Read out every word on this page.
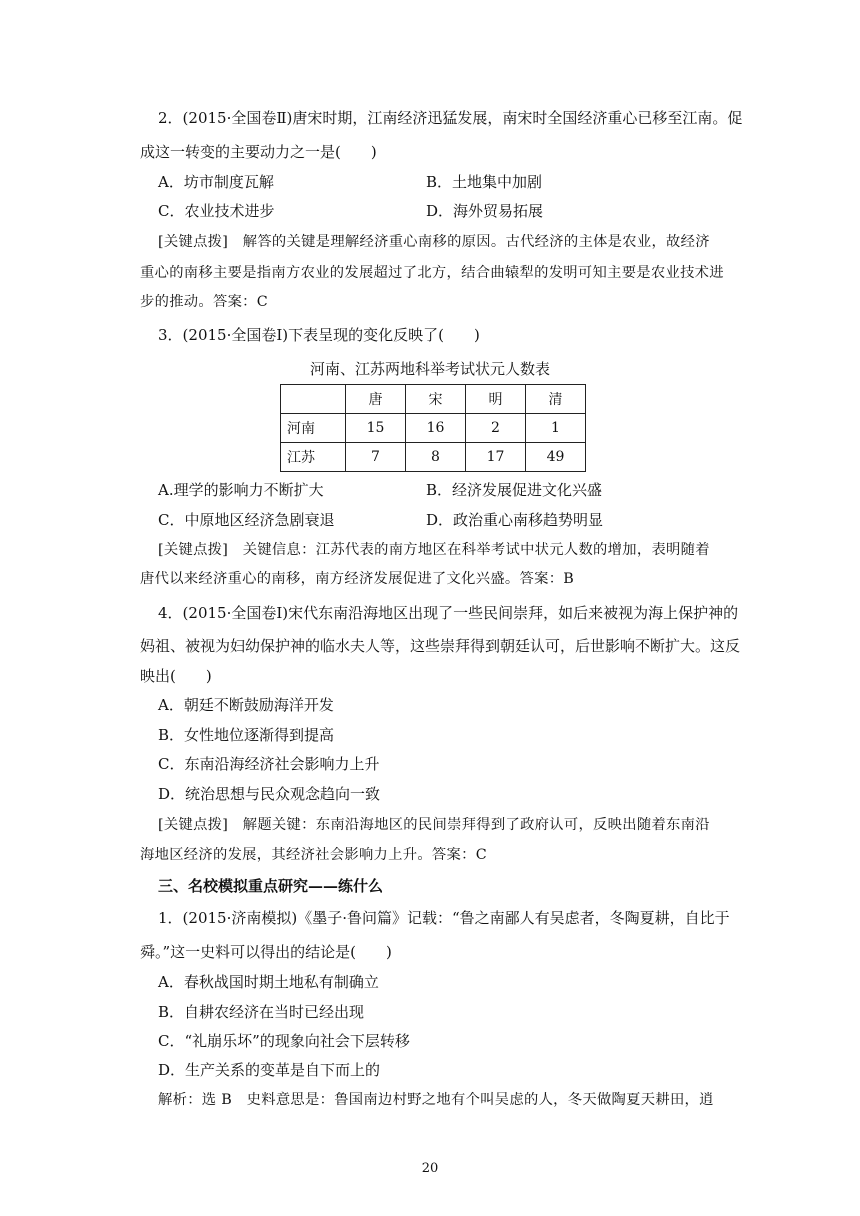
2．(2015·全国卷Ⅱ)唐宋时期，江南经济迅猛发展，南宋时全国经济重心已移至江南。促
成这一转变的主要动力之一是(　　)
A．坊市制度瓦解	B．土地集中加剧
C．农业技术进步	D．海外贸易拓展
[关键点拨]　解答的关键是理解经济重心南移的原因。古代经济的主体是农业，故经济
重心的南移主要是指南方农业的发展超过了北方，结合曲辕犁的发明可知主要是农业技术进
步的推动。答案：C
3．(2015·全国卷Ⅰ)下表呈现的变化反映了(　　)
河南、江苏两地科举考试状元人数表
	唐	宋	明	清
河南	15	16	2	1
江苏	7	8	17	49
A.理学的影响力不断扩大	B．经济发展促进文化兴盛
C．中原地区经济急剧衰退	D．政治重心南移趋势明显
[关键点拨]　关键信息：江苏代表的南方地区在科举考试中状元人数的增加，表明随着
唐代以来经济重心的南移，南方经济发展促进了文化兴盛。答案：B
4．(2015·全国卷Ⅰ)宋代东南沿海地区出现了一些民间崇拜，如后来被视为海上保护神的
妈祖、被视为妇幼保护神的临水夫人等，这些崇拜得到朝廷认可，后世影响不断扩大。这反
映出(　　)
A．朝廷不断鼓励海洋开发
B．女性地位逐渐得到提高
C．东南沿海经济社会影响力上升
D．统治思想与民众观念趋向一致
[关键点拨]　解题关键：东南沿海地区的民间崇拜得到了政府认可，反映出随着东南沿
海地区经济的发展，其经济社会影响力上升。答案：C
三、名校模拟重点研究——练什么
1．(2015·济南模拟)《墨子·鲁问篇》记载：“鲁之南鄙人有吴虑者，冬陶夏耕，自比于
舜。”这一史料可以得出的结论是(　　)
A．春秋战国时期土地私有制确立
B．自耕农经济在当时已经出现
C．“礼崩乐坏”的现象向社会下层转移
D．生产关系的变革是自下而上的
解析：选 B　史料意思是：鲁国南边村野之地有个叫吴虑的人，冬天做陶夏天耕田，逍
20
